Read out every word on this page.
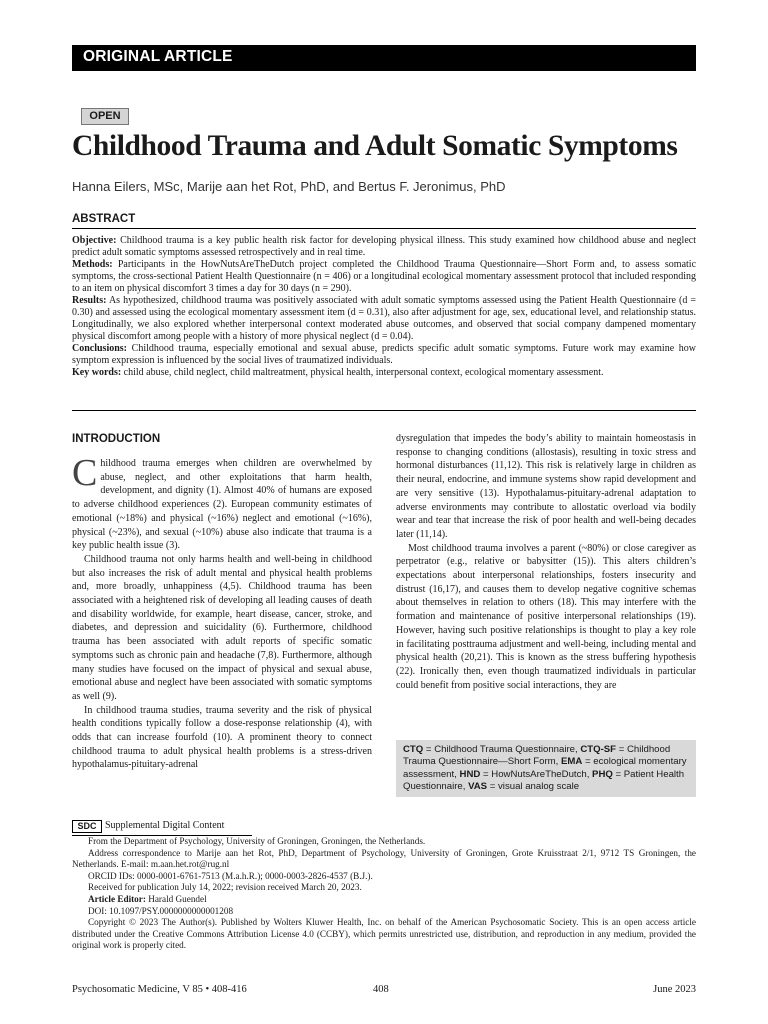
ORIGINAL ARTICLE
OPEN
Childhood Trauma and Adult Somatic Symptoms
Hanna Eilers, MSc, Marije aan het Rot, PhD, and Bertus F. Jeronimus, PhD
ABSTRACT

Objective: Childhood trauma is a key public health risk factor for developing physical illness. This study examined how childhood abuse and neglect predict adult somatic symptoms assessed retrospectively and in real time.

Methods: Participants in the HowNutsAreTheDutch project completed the Childhood Trauma Questionnaire—Short Form and, to assess somatic symptoms, the cross-sectional Patient Health Questionnaire (n = 406) or a longitudinal ecological momentary assessment protocol that included responding to an item on physical discomfort 3 times a day for 30 days (n = 290).

Results: As hypothesized, childhood trauma was positively associated with adult somatic symptoms assessed using the Patient Health Questionnaire (d = 0.30) and assessed using the ecological momentary assessment item (d = 0.31), also after adjustment for age, sex, educational level, and relationship status. Longitudinally, we also explored whether interpersonal context moderated abuse outcomes, and observed that social company dampened momentary physical discomfort among people with a history of more physical neglect (d = 0.04).

Conclusions: Childhood trauma, especially emotional and sexual abuse, predicts specific adult somatic symptoms. Future work may examine how symptom expression is influenced by the social lives of traumatized individuals.

Key words: child abuse, child neglect, child maltreatment, physical health, interpersonal context, ecological momentary assessment.

INTRODUCTION

Childhood trauma emerges when children are overwhelmed by abuse, neglect, and other exploitations that harm health, development, and dignity (1). Almost 40% of humans are exposed to adverse childhood experiences (2). European community estimates of emotional (~18%) and physical (~16%) neglect and emotional (~16%), physical (~23%), and sexual (~10%) abuse also indicate that trauma is a key public health issue (3).

Childhood trauma not only harms health and well-being in childhood but also increases the risk of adult mental and physical health problems and, more broadly, unhappiness (4,5). Childhood trauma has been associated with a heightened risk of developing all leading causes of death and disability worldwide, for example, heart disease, cancer, stroke, and diabetes, and depression and suicidality (6). Furthermore, childhood trauma has been associated with adult reports of specific somatic symptoms such as chronic pain and headache (7,8). Furthermore, although many studies have focused on the impact of physical and sexual abuse, emotional abuse and neglect have been associated with somatic symptoms as well (9).

In childhood trauma studies, trauma severity and the risk of physical health conditions typically follow a dose-response relationship (4), with odds that can increase fourfold (10). A prominent theory to connect childhood trauma to adult physical health problems is a stress-driven hypothalamus-pituitary-adrenal

dysregulation that impedes the body’s ability to maintain homeostasis in response to changing conditions (allostasis), resulting in toxic stress and hormonal disturbances (11,12). This risk is relatively large in children as their neural, endocrine, and immune systems show rapid development and are very sensitive (13). Hypothalamus-pituitary-adrenal adaptation to adverse environments may contribute to allostatic overload via bodily wear and tear that increase the risk of poor health and well-being decades later (11,14).

Most childhood trauma involves a parent (~80%) or close caregiver as perpetrator (e.g., relative or babysitter (15)). This alters children’s expectations about interpersonal relationships, fosters insecurity and distrust (16,17), and causes them to develop negative cognitive schemas about themselves in relation to others (18). This may interfere with the formation and maintenance of positive interpersonal relationships (19). However, having such positive relationships is thought to play a key role in facilitating posttrauma adjustment and well-being, including mental and physical health (20,21). This is known as the stress buffering hypothesis (22). Ironically then, even though traumatized individuals in particular could benefit from positive social interactions, they are

CTQ = Childhood Trauma Questionnaire, CTQ-SF = Childhood Trauma Questionnaire—Short Form, EMA = ecological momentary assessment, HND = HowNutsAreTheDutch, PHQ = Patient Health Questionnaire, VAS = visual analog scale
SDC Supplemental Digital Content
From the Department of Psychology, University of Groningen, Groningen, the Netherlands.
Address correspondence to Marije aan het Rot, PhD, Department of Psychology, University of Groningen, Grote Kruisstraat 2/1, 9712 TS Groningen, the Netherlands. E-mail: m.aan.het.rot@rug.nl
ORCID IDs: 0000-0001-6761-7513 (M.a.h.R.); 0000-0003-2826-4537 (B.J.).
Received for publication July 14, 2022; revision received March 20, 2023.
Article Editor: Harald Guendel
DOI: 10.1097/PSY.0000000000001208
Copyright © 2023 The Author(s). Published by Wolters Kluwer Health, Inc. on behalf of the American Psychosomatic Society. This is an open access article distributed under the Creative Commons Attribution License 4.0 (CCBY), which permits unrestricted use, distribution, and reproduction in any medium, provided the original work is properly cited.
Psychosomatic Medicine, V 85 • 408-416	408	June 2023
